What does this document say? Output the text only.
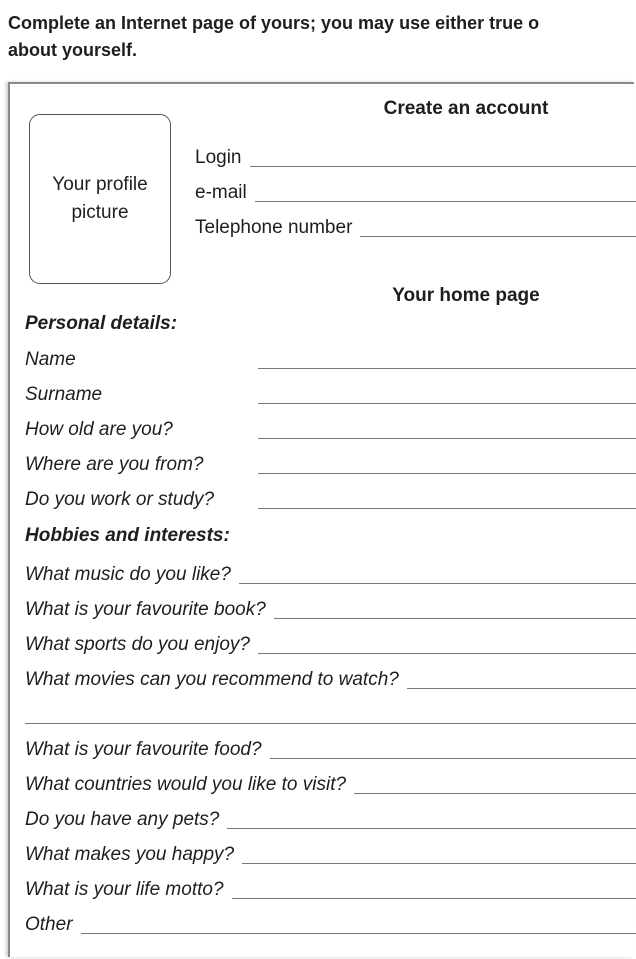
Complete an Internet page of yours; you may use either true o
about yourself.
Your profile
picture
Create an account
Login
e-mail
Telephone number
Your home page
Personal details:
Name
Surname
How old are you?
Where are you from?
Do you work or study?
Hobbies and interests:
What music do you like?
What is your favourite book?
What sports do you enjoy?
What movies can you recommend to watch?
What is your favourite food?
What countries would you like to visit?
Do you have any pets?
What makes you happy?
What is your life motto?
Other
